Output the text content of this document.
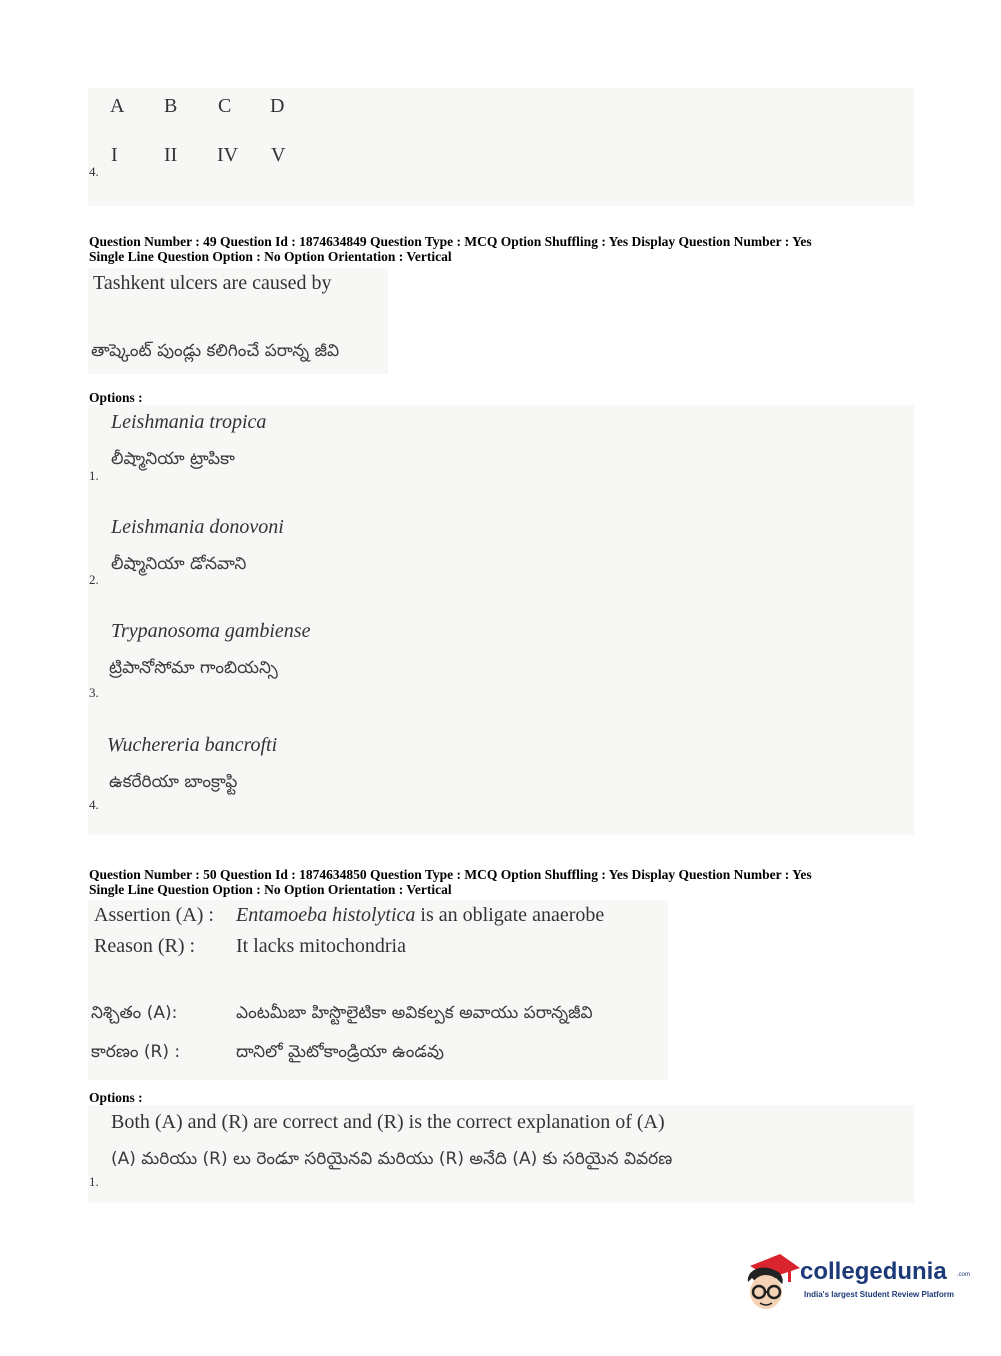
A B C D
I II IV V
4.
Question Number : 49 Question Id : 1874634849 Question Type : MCQ Option Shuffling : Yes Display Question Number : Yes
Single Line Question Option : No Option Orientation : Vertical
Tashkent ulcers are caused by
తాష్కెంట్ పుండ్లు కలిగించే పరాన్న జీవి
Options :
Leishmania tropica
లీష్మానియా ట్రాపికా
1.
Leishmania donovoni
లీష్మానియా డోనవాని
2.
Trypanosoma gambiense
ట్రిపానోసోమా గాంబియన్సి
3.
Wuchereria bancrofti
ఉకరేరియా బాంక్రాఫ్టి
4.
Question Number : 50 Question Id : 1874634850 Question Type : MCQ Option Shuffling : Yes Display Question Number : Yes
Single Line Question Option : No Option Orientation : Vertical
Assertion (A) : Entamoeba histolytica is an obligate anaerobe
Reason (R) : It lacks mitochondria
నిశ్చితం (A):	ఎంటమీబా హిస్టొలైటికా అవికల్పక అవాయు పరాన్నజీవి
కారణం (R) :	దానిలో మైటోకాండ్రియా ఉండవు
Options :
Both (A) and (R) are correct and (R) is the correct explanation of (A)
(A) మరియు (R) లు రెండూ సరియైనవి మరియు (R) అనేది (A) కు సరియైన వివరణ
1.
collegedunia .com
India's largest Student Review Platform
